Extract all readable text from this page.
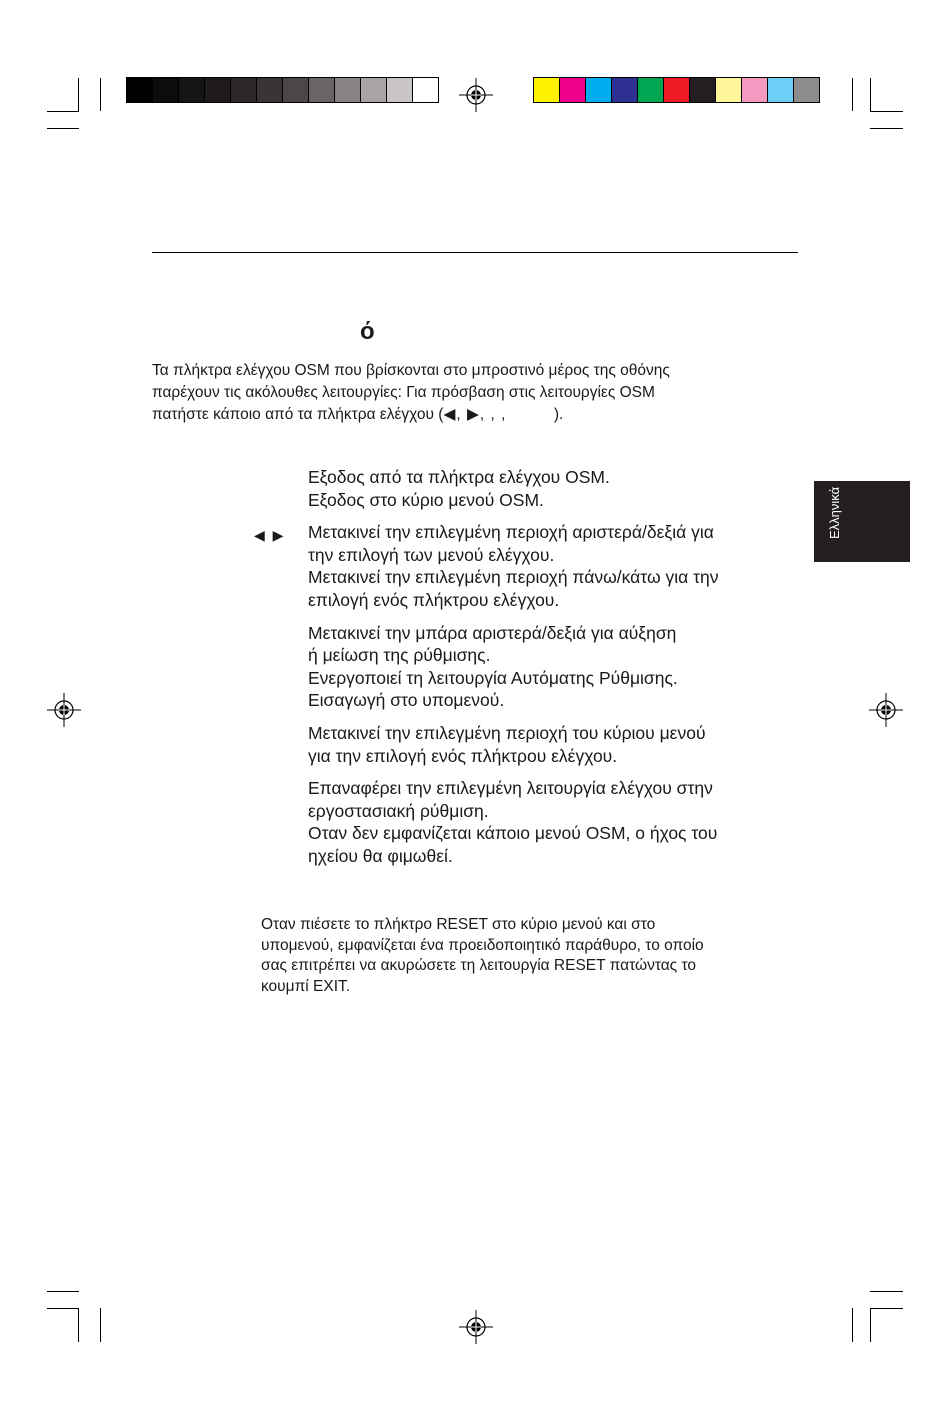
ό
Τα πλήκτρα ελέγχου OSM που βρίσκονται στο μπροστινό μέρος της οθόνης
παρέχουν τις ακόλουθες λειτουργίες: Για πρόσβαση στις λειτουργίες OSM
πατήστε κάποιο από τα πλήκτρα ελέγχου (◀, ▶, , ,           ).
◀ ▶

Εξοδος από τα πλήκτρα ελέγχου OSM.

Εξοδος στο κύριο μενού OSM.

Μετακινεί την επιλεγμένη περιοχή αριστερά/δεξιά για

την επιλογή των μενού ελέγχου.

Μετακινεί την επιλεγμένη περιοχή πάνω/κάτω για την

επιλογή ενός πλήκτρου ελέγχου.

Μετακινεί την μπάρα αριστερά/δεξιά για αύξηση

ή μείωση της ρύθμισης.

Ενεργοποιεί τη λειτουργία Αυτόματης Ρύθμισης.

Εισαγωγή στο υπομενού.

Μετακινεί την επιλεγμένη περιοχή του κύριου μενού

για την επιλογή ενός πλήκτρου ελέγχου.

Επαναφέρει την επιλεγμένη λειτουργία ελέγχου στην

εργοστασιακή ρύθμιση.

Οταν δεν εμφανίζεται κάποιο μενού OSM, ο ήχος του

ηχείου θα φιμωθεί.

Οταν πιέσετε το πλήκτρο RESET στο κύριο μενού και στο
υπομενού, εμφανίζεται ένα προειδοποιητικό παράθυρο, το οποίο
σας επιτρέπει να ακυρώσετε τη λειτουργία RESET πατώντας το
κουμπί EXIT.
Ελληνικά
